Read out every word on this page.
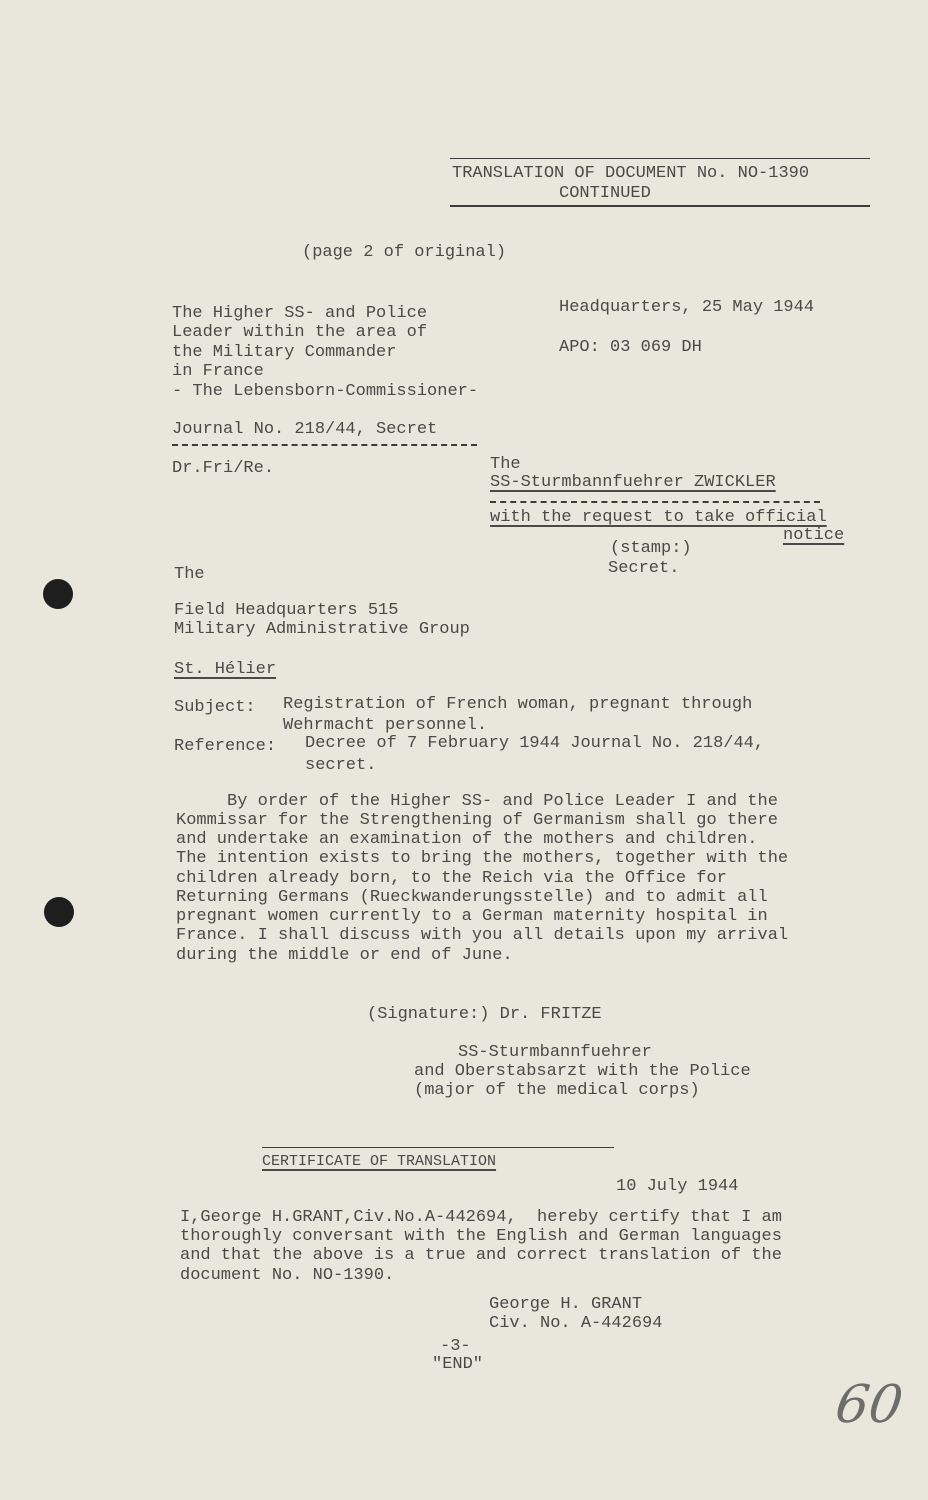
TRANSLATION OF DOCUMENT No. NO-1390
CONTINUED
(page 2 of original)
The Higher SS- and Police
Leader within the area of
the Military Commander
in France
- The Lebensborn-Commissioner-
Journal No. 218/44, Secret
Dr.Fri/Re.
Headquarters, 25 May 1944
APO: 03 069 DH
The
SS-Sturmbannfuehrer ZWICKLER
with the request to take official
notice
(stamp:)
Secret.
The
Field Headquarters 515
Military Administrative Group
St. Hélier
Subject: Registration of French woman, pregnant through
Wehrmacht personnel.
Reference: Decree of 7 February 1944 Journal No. 218/44,
secret.
By order of the Higher SS- and Police Leader I and the
Kommissar for the Strengthening of Germanism shall go there
and undertake an examination of the mothers and children.
The intention exists to bring the mothers, together with the
children already born, to the Reich via the Office for
Returning Germans (Rueckwanderungsstelle) and to admit all
pregnant women currently to a German maternity hospital in
France. I shall discuss with you all details upon my arrival
during the middle or end of June.
(Signature:) Dr. FRITZE
SS-Sturmbannfuehrer
and Oberstabsarzt with the Police
(major of the medical corps)
CERTIFICATE OF TRANSLATION
10 July 1944
I,George H.GRANT,Civ.No.A-442694,  hereby certify that I am
thoroughly conversant with the English and German languages
and that the above is a true and correct translation of the
document No. NO-1390.
George H. GRANT
Civ. No. A-442694
-3-
"END"
60
